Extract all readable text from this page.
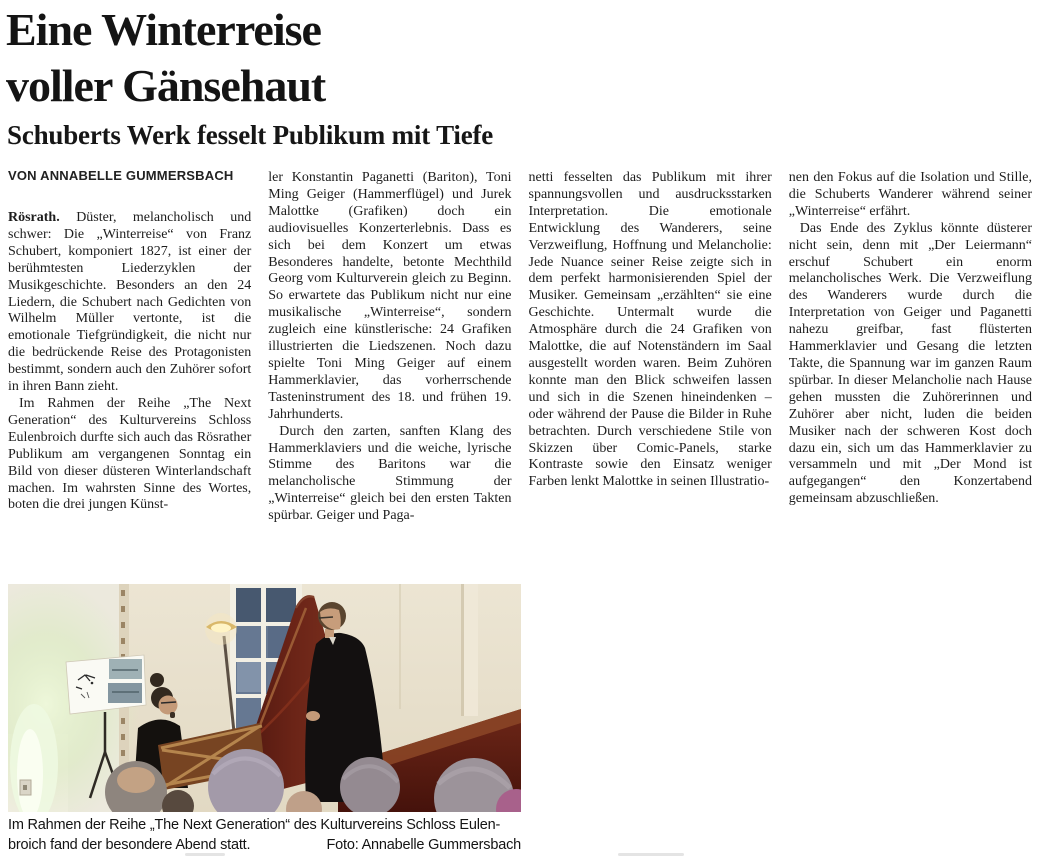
Eine Winterreise
voller Gänsehaut
Schuberts Werk fesselt Publikum mit Tiefe
VON ANNABELLE GUMMERSBACH

Rösrath. Düster, melancholisch und schwer: Die „Winterreise“ von Franz Schubert, komponiert 1827, ist einer der berühmtesten Liederzyklen der Musikgeschichte. Besonders an den 24 Liedern, die Schubert nach Gedichten von Wilhelm Müller vertonte, ist die emotionale Tiefgründigkeit, die nicht nur die bedrückende Reise des Protagonisten bestimmt, sondern auch den Zuhörer sofort in ihren Bann zieht.

Im Rahmen der Reihe „The Next Generation“ des Kulturvereins Schloss Eulenbroich durfte sich auch das Rösrather Publikum am vergangenen Sonntag ein Bild von dieser düsteren Winterlandschaft machen. Im wahrsten Sinne des Wortes, boten die drei jungen Künst-

ler Konstantin Paganetti (Bariton), Toni Ming Geiger (Hammerflügel) und Jurek Malottke (Grafiken) doch ein audiovisuelles Konzerterlebnis. Dass es sich bei dem Konzert um etwas Besonderes handelte, betonte Mechthild Georg vom Kulturverein gleich zu Beginn. So erwartete das Publikum nicht nur eine musikalische „Winterreise“, sondern zugleich eine künstlerische: 24 Grafiken illustrierten die Liedszenen. Noch dazu spielte Toni Ming Geiger auf einem Hammerklavier, das vorherrschende Tasteninstrument des 18. und frühen 19. Jahrhunderts.

Durch den zarten, sanften Klang des Hammerklaviers und die weiche, lyrische Stimme des Baritons war die melancholische Stimmung der „Winterreise“ gleich bei den ersten Takten spürbar. Geiger und Paga-

netti fesselten das Publikum mit ihrer spannungsvollen und ausdrucksstarken Interpretation. Die emotionale Entwicklung des Wanderers, seine Verzweiflung, Hoffnung und Melancholie: Jede Nuance seiner Reise zeigte sich in dem perfekt harmonisierenden Spiel der Musiker. Gemeinsam „erzählten“ sie eine Geschichte. Untermalt wurde die Atmosphäre durch die 24 Grafiken von Malottke, die auf Notenständern im Saal ausgestellt worden waren. Beim Zuhören konnte man den Blick schweifen lassen und sich in die Szenen hineindenken – oder während der Pause die Bilder in Ruhe betrachten. Durch verschiedene Stile von Skizzen über Comic-Panels, starke Kontraste sowie den Einsatz weniger Farben lenkt Malottke in seinen Illustratio-

nen den Fokus auf die Isolation und Stille, die Schuberts Wanderer während seiner „Winterreise“ erfährt.

Das Ende des Zyklus könnte düsterer nicht sein, denn mit „Der Leiermann“ erschuf Schubert ein enorm melancholisches Werk. Die Verzweiflung des Wanderers wurde durch die Interpretation von Geiger und Paganetti nahezu greifbar, fast flüsterten Hammerklavier und Gesang die letzten Takte, die Spannung war im ganzen Raum spürbar. In dieser Melancholie nach Hause gehen mussten die Zuhörerinnen und Zuhörer aber nicht, luden die beiden Musiker nach der schweren Kost doch dazu ein, sich um das Hammerklavier zu versammeln und mit „Der Mond ist aufgegangen“ den Konzertabend gemeinsam abzuschließen.

Im Rahmen der Reihe „The Next Generation“ des Kulturvereins Schloss Eulen-
broich fand der besondere Abend statt.	Foto: Annabelle Gummersbach
